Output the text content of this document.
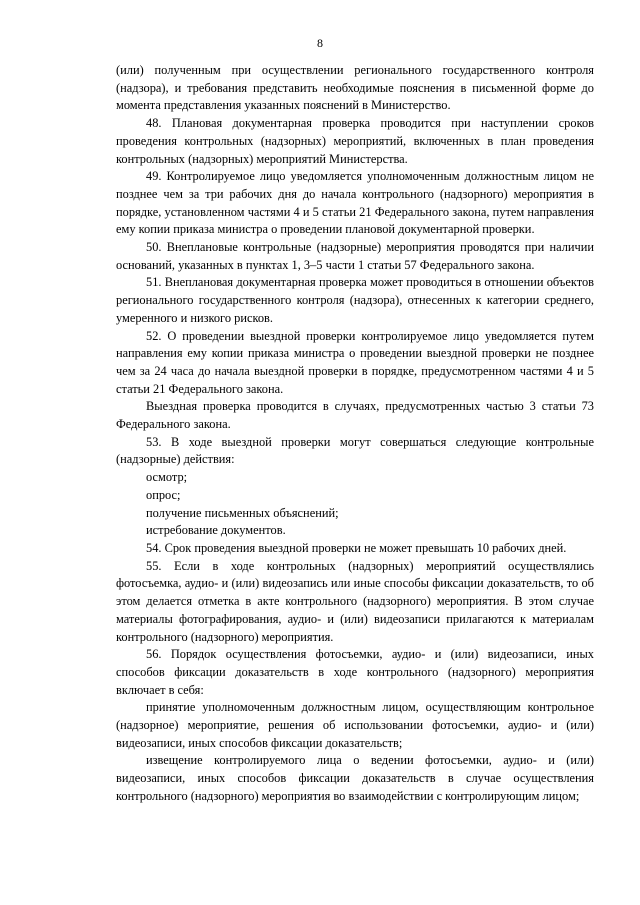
8

(или) полученным при осуществлении регионального государственного контроля (надзора), и требования представить необходимые пояснения в письменной форме до момента представления указанных пояснений в Министерство.

48. Плановая документарная проверка проводится при наступлении сроков проведения контрольных (надзорных) мероприятий, включенных в план проведения контрольных (надзорных) мероприятий Министерства.

49. Контролируемое лицо уведомляется уполномоченным должностным лицом не позднее чем за три рабочих дня до начала контрольного (надзорного) мероприятия в порядке, установленном частями 4 и 5 статьи 21 Федерального закона, путем направления ему копии приказа министра о проведении плановой документарной проверки.

50. Внеплановые контрольные (надзорные) мероприятия проводятся при наличии оснований, указанных в пунктах 1, 3–5 части 1 статьи 57 Федерального закона.

51. Внеплановая документарная проверка может проводиться в отношении объектов регионального государственного контроля (надзора), отнесенных к категории среднего, умеренного и низкого рисков.

52. О проведении выездной проверки контролируемое лицо уведомляется путем направления ему копии приказа министра о проведении выездной проверки не позднее чем за 24 часа до начала выездной проверки в порядке, предусмотренном частями 4 и 5 статьи 21 Федерального закона.

Выездная проверка проводится в случаях, предусмотренных частью 3 статьи 73 Федерального закона.

53. В ходе выездной проверки могут совершаться следующие контрольные (надзорные) действия:

осмотр;

опрос;

получение письменных объяснений;

истребование документов.

54. Срок проведения выездной проверки не может превышать 10 рабочих дней.

55. Если в ходе контрольных (надзорных) мероприятий осуществлялись фотосъемка, аудио- и (или) видеозапись или иные способы фиксации доказательств, то об этом делается отметка в акте контрольного (надзорного) мероприятия. В этом случае материалы фотографирования, аудио- и (или) видеозаписи прилагаются к материалам контрольного (надзорного) мероприятия.

56. Порядок осуществления фотосъемки, аудио- и (или) видеозаписи, иных способов фиксации доказательств в ходе контрольного (надзорного) мероприятия включает в себя:

принятие уполномоченным должностным лицом, осуществляющим контрольное (надзорное) мероприятие, решения об использовании фотосъемки, аудио- и (или) видеозаписи, иных способов фиксации доказательств;

извещение контролируемого лица о ведении фотосъемки, аудио- и (или) видеозаписи, иных способов фиксации доказательств в случае осуществления контрольного (надзорного) мероприятия во взаимодействии с контролирующим лицом;
